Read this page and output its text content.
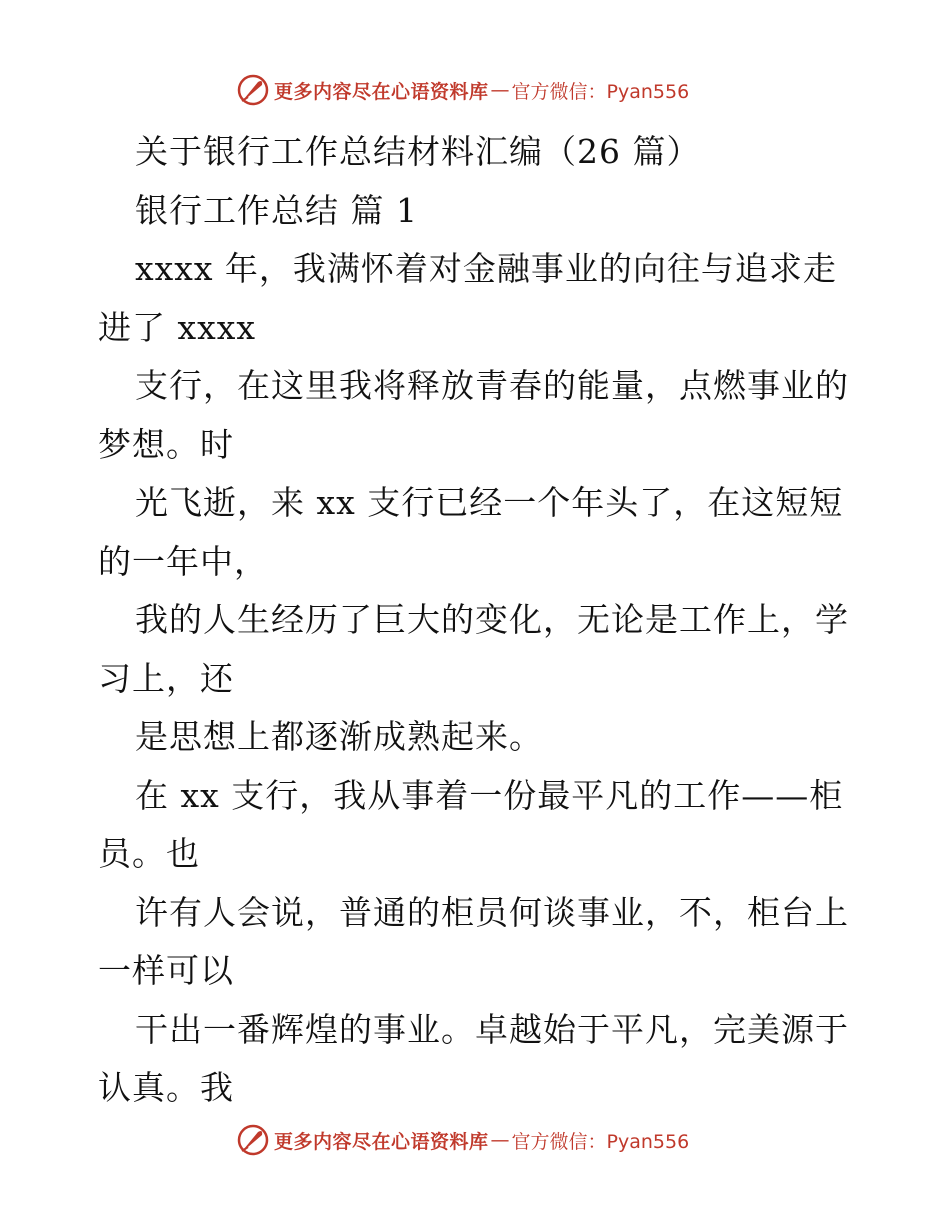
更多内容尽在心语资料库 — 官方微信：Pyan556
关于银行工作总结材料汇编（26 篇）
银行工作总结 篇 1
xxxx 年，我满怀着对金融事业的向往与追求走
进了 xxxx
支行，在这里我将释放青春的能量，点燃事业的
梦想。时
光飞逝，来 xx 支行已经一个年头了，在这短短
的一年中，
我的人生经历了巨大的变化，无论是工作上，学
习上，还
是思想上都逐渐成熟起来。
在 xx 支行，我从事着一份最平凡的工作——柜
员。也
许有人会说，普通的柜员何谈事业，不，柜台上
一样可以
干出一番辉煌的事业。卓越始于平凡，完美源于
认真。我
更多内容尽在心语资料库 — 官方微信：Pyan556
